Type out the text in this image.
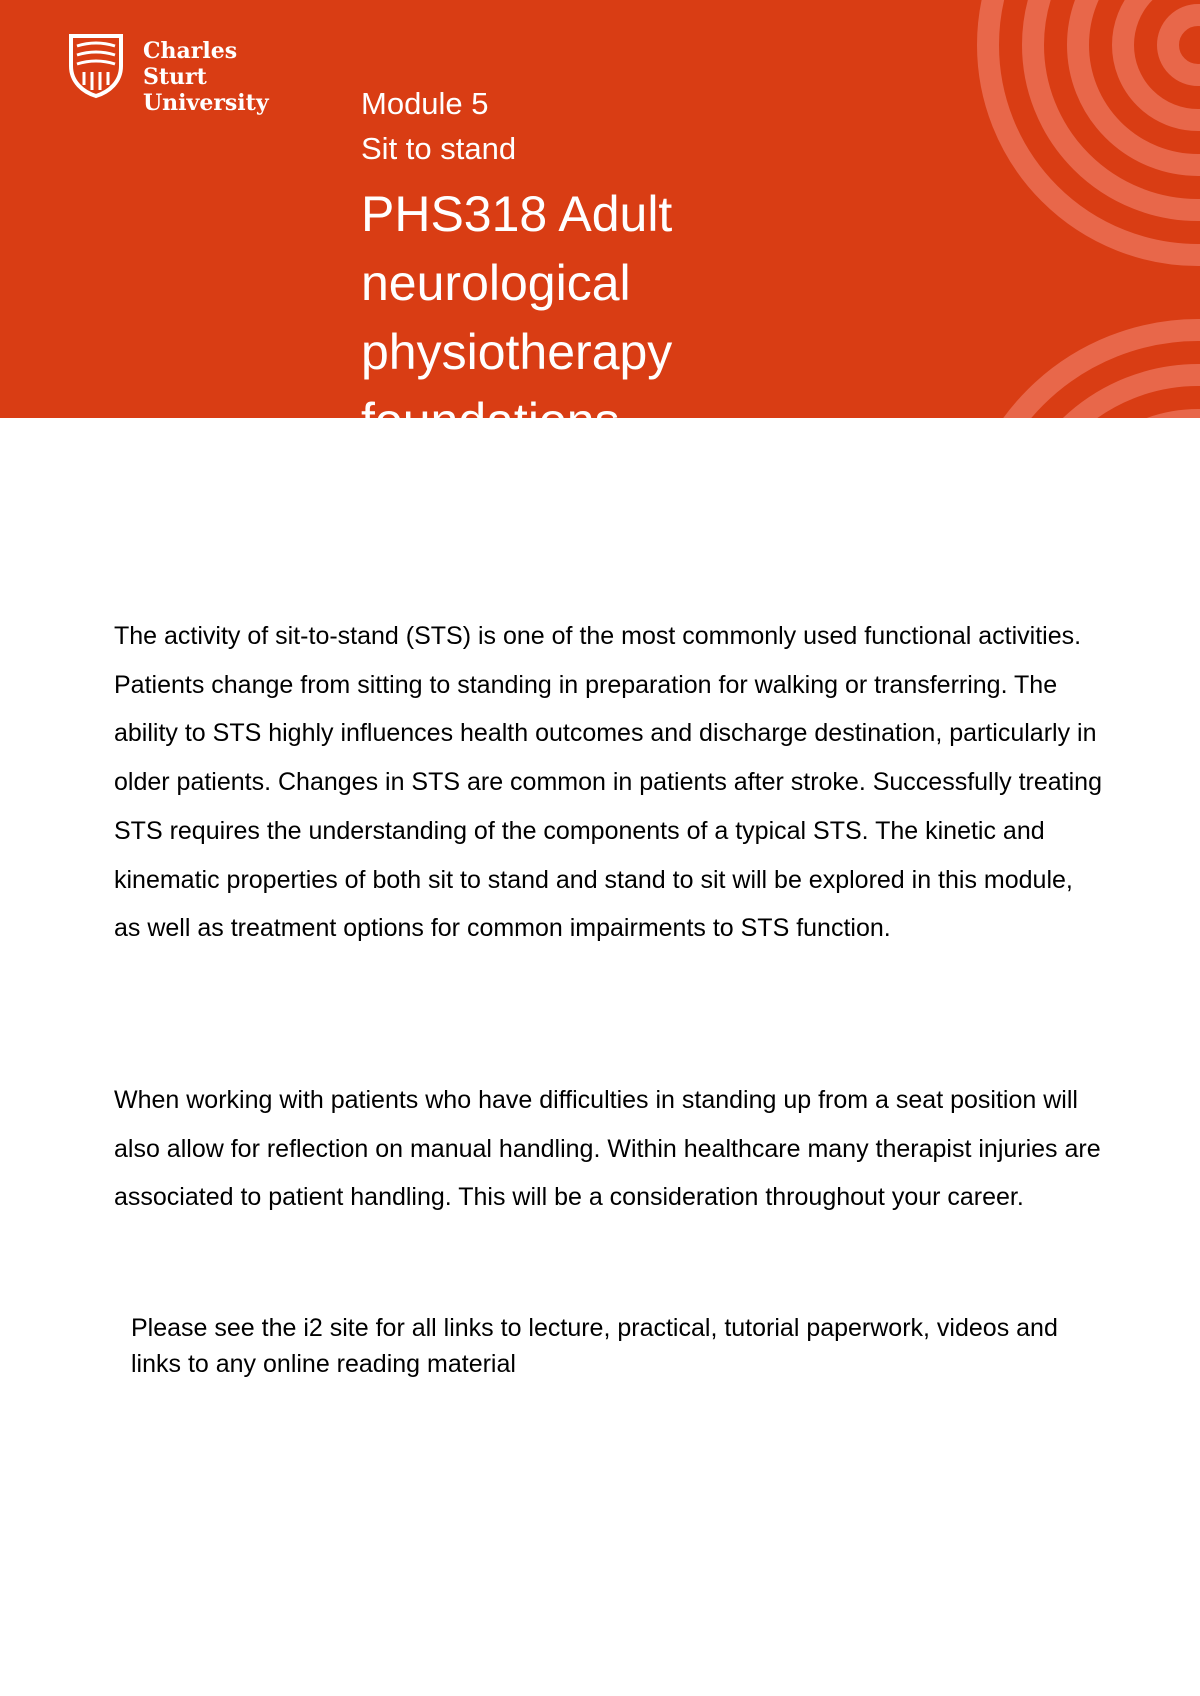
Charles Sturt
University	Module 5
Sit to stand
PHS318 Adult neurological physiotherapy foundations

The activity of sit-to-stand (STS) is one of the most commonly used functional activities. Patients change from sitting to standing in preparation for walking or transferring. The ability to STS highly influences health outcomes and discharge destination, particularly in older patients. Changes in STS are common in patients after stroke. Successfully treating STS requires the understanding of the components of a typical STS. The kinetic and kinematic properties of both sit to stand and stand to sit will be explored in this module, as well as treatment options for common impairments to STS function.

When working with patients who have difficulties in standing up from a seat position will also allow for reflection on manual handling. Within healthcare many therapist injuries are associated to patient handling. This will be a consideration throughout your career.

Please see the i2 site for all links to lecture, practical, tutorial paperwork, videos and links to any online reading material
